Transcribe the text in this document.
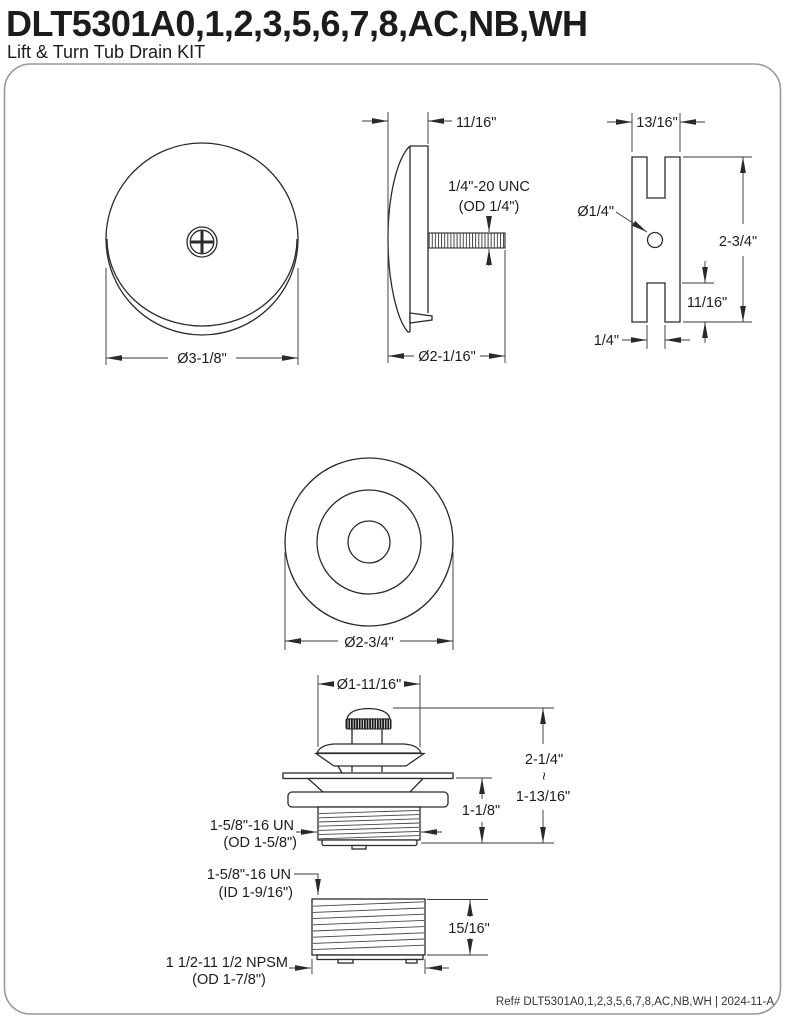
DLT5301A0,1,2,3,5,6,7,8,AC,NB,WH
Lift & Turn Tub Drain KIT
Ø3-1/8"
11/16"
1/4"-20 UNC
(OD 1/4")
Ø2-1/16"
13/16"
Ø1/4"
2-3/4"
11/16"
1/4"
Ø2-3/4"
Ø1-11/16"
1-5/8"-16 UN
(OD 1-5/8")
1-1/8"
2-1/4"
~
1-13/16"
1-5/8"-16 UN
(ID 1-9/16")
15/16"
1 1/2-11 1/2 NPSM
(OD 1-7/8")
Ref# DLT5301A0,1,2,3,5,6,7,8,AC,NB,WH | 2024-11-A
